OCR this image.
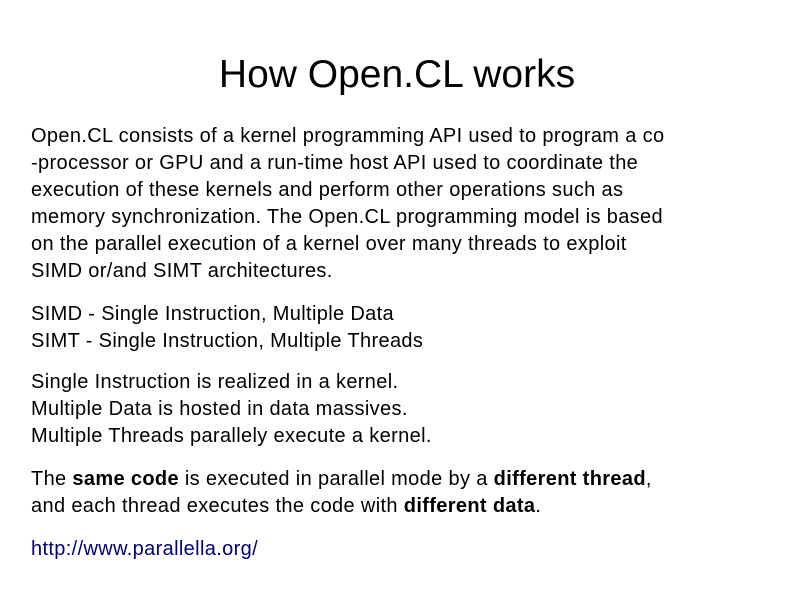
How Open.CL works
Open.CL consists of a kernel programming API used to program a co
-processor or GPU and a run-time host API used to coordinate the
execution of these kernels and perform other operations such as
memory synchronization. The Open.CL programming model is based
on the parallel execution of a kernel over many threads to exploit
SIMD or/and SIMT architectures.
SIMD - Single Instruction, Multiple Data
SIMT - Single Instruction, Multiple Threads
Single Instruction is realized in a kernel.
Multiple Data is hosted in data massives.
Multiple Threads parallely execute a kernel.
The same code is executed in parallel mode by a different thread,
and each thread executes the code with different data.
http://www.parallella.org/
